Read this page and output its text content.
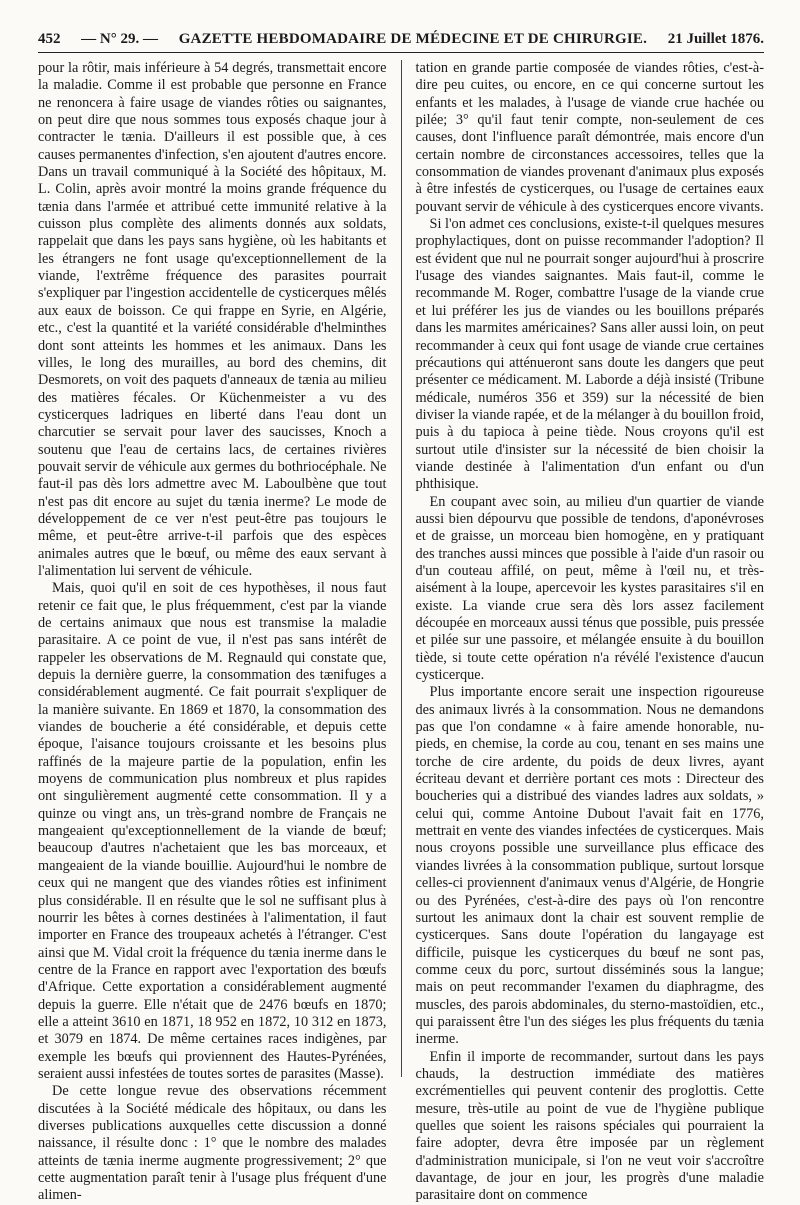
452 — N° 29. — GAZETTE HEBDOMADAIRE DE MÉDECINE ET DE CHIRURGIE. 21 Juillet 1876.

pour la rôtir, mais inférieure à 54 degrés, transmettait encore la maladie. Comme il est probable que personne en France ne renoncera à faire usage de viandes rôties ou saignantes, on peut dire que nous sommes tous exposés chaque jour à contracter le tænia. D'ailleurs il est possible que, à ces causes permanentes d'infection, s'en ajoutent d'autres encore. Dans un travail communiqué à la Société des hôpitaux, M. L. Colin, après avoir montré la moins grande fréquence du tænia dans l'armée et attribué cette immunité relative à la cuisson plus complète des aliments donnés aux soldats, rappelait que dans les pays sans hygiène, où les habitants et les étrangers ne font usage qu'exceptionnellement de la viande, l'extrême fréquence des parasites pourrait s'expliquer par l'ingestion accidentelle de cysticerques mêlés aux eaux de boisson. Ce qui frappe en Syrie, en Algérie, etc., c'est la quantité et la variété considérable d'helminthes dont sont atteints les hommes et les animaux. Dans les villes, le long des murailles, au bord des chemins, dit Desmorets, on voit des paquets d'anneaux de tænia au milieu des matières fécales. Or Küchenmeister a vu des cysticerques ladriques en liberté dans l'eau dont un charcutier se servait pour laver des saucisses, Knoch a soutenu que l'eau de certains lacs, de certaines rivières pouvait servir de véhicule aux germes du bothriocéphale. Ne faut-il pas dès lors admettre avec M. Laboulbène que tout n'est pas dit encore au sujet du tænia inerme? Le mode de développement de ce ver n'est peut-être pas toujours le même, et peut-être arrive-t-il parfois que des espèces animales autres que le bœuf, ou même des eaux servant à l'alimentation lui servent de véhicule.

Mais, quoi qu'il en soit de ces hypothèses, il nous faut retenir ce fait que, le plus fréquemment, c'est par la viande de certains animaux que nous est transmise la maladie parasitaire. A ce point de vue, il n'est pas sans intérêt de rappeler les observations de M. Regnauld qui constate que, depuis la dernière guerre, la consommation des tænifuges a considérablement augmenté. Ce fait pourrait s'expliquer de la manière suivante. En 1869 et 1870, la consommation des viandes de boucherie a été considérable, et depuis cette époque, l'aisance toujours croissante et les besoins plus raffinés de la majeure partie de la population, enfin les moyens de communication plus nombreux et plus rapides ont singulièrement augmenté cette consommation. Il y a quinze ou vingt ans, un très-grand nombre de Français ne mangeaient qu'exceptionnellement de la viande de bœuf; beaucoup d'autres n'achetaient que les bas morceaux, et mangeaient de la viande bouillie. Aujourd'hui le nombre de ceux qui ne mangent que des viandes rôties est infiniment plus considérable. Il en résulte que le sol ne suffisant plus à nourrir les bêtes à cornes destinées à l'alimentation, il faut importer en France des troupeaux achetés à l'étranger. C'est ainsi que M. Vidal croit la fréquence du tænia inerme dans le centre de la France en rapport avec l'exportation des bœufs d'Afrique. Cette exportation a considérablement augmenté depuis la guerre. Elle n'était que de 2476 bœufs en 1870; elle a atteint 3610 en 1871, 18 952 en 1872, 10 312 en 1873, et 3079 en 1874. De même certaines races indigènes, par exemple les bœufs qui proviennent des Hautes-Pyrénées, seraient aussi infestées de toutes sortes de parasites (Masse).

De cette longue revue des observations récemment discutées à la Société médicale des hôpitaux, ou dans les diverses publications auxquelles cette discussion a donné naissance, il résulte donc : 1° que le nombre des malades atteints de tænia inerme augmente progressivement; 2° que cette augmentation paraît tenir à l'usage plus fréquent d'une alimen-

tation en grande partie composée de viandes rôties, c'est-à-dire peu cuites, ou encore, en ce qui concerne surtout les enfants et les malades, à l'usage de viande crue hachée ou pilée; 3° qu'il faut tenir compte, non-seulement de ces causes, dont l'influence paraît démontrée, mais encore d'un certain nombre de circonstances accessoires, telles que la consommation de viandes provenant d'animaux plus exposés à être infestés de cysticerques, ou l'usage de certaines eaux pouvant servir de véhicule à des cysticerques encore vivants.

Si l'on admet ces conclusions, existe-t-il quelques mesures prophylactiques, dont on puisse recommander l'adoption? Il est évident que nul ne pourrait songer aujourd'hui à proscrire l'usage des viandes saignantes. Mais faut-il, comme le recommande M. Roger, combattre l'usage de la viande crue et lui préférer les jus de viandes ou les bouillons préparés dans les marmites américaines? Sans aller aussi loin, on peut recommander à ceux qui font usage de viande crue certaines précautions qui atténueront sans doute les dangers que peut présenter ce médicament. M. Laborde a déjà insisté (Tribune médicale, numéros 356 et 359) sur la nécessité de bien diviser la viande rapée, et de la mélanger à du bouillon froid, puis à du tapioca à peine tiède. Nous croyons qu'il est surtout utile d'insister sur la nécessité de bien choisir la viande destinée à l'alimentation d'un enfant ou d'un phthisique.

En coupant avec soin, au milieu d'un quartier de viande aussi bien dépourvu que possible de tendons, d'aponévroses et de graisse, un morceau bien homogène, en y pratiquant des tranches aussi minces que possible à l'aide d'un rasoir ou d'un couteau affilé, on peut, même à l'œil nu, et très-aisément à la loupe, apercevoir les kystes parasitaires s'il en existe. La viande crue sera dès lors assez facilement découpée en morceaux aussi ténus que possible, puis pressée et pilée sur une passoire, et mélangée ensuite à du bouillon tiède, si toute cette opération n'a révélé l'existence d'aucun cysticerque.

Plus importante encore serait une inspection rigoureuse des animaux livrés à la consommation. Nous ne demandons pas que l'on condamne « à faire amende honorable, nu-pieds, en chemise, la corde au cou, tenant en ses mains une torche de cire ardente, du poids de deux livres, ayant écriteau devant et derrière portant ces mots : Directeur des boucheries qui a distribué des viandes ladres aux soldats, » celui qui, comme Antoine Dubout l'avait fait en 1776, mettrait en vente des viandes infectées de cysticerques. Mais nous croyons possible une surveillance plus efficace des viandes livrées à la consommation publique, surtout lorsque celles-ci proviennent d'animaux venus d'Algérie, de Hongrie ou des Pyrénées, c'est-à-dire des pays où l'on rencontre surtout les animaux dont la chair est souvent remplie de cysticerques. Sans doute l'opération du langayage est difficile, puisque les cysticerques du bœuf ne sont pas, comme ceux du porc, surtout disséminés sous la langue; mais on peut recommander l'examen du diaphragme, des muscles, des parois abdominales, du sterno-mastoïdien, etc., qui paraissent être l'un des siéges les plus fréquents du tænia inerme.

Enfin il importe de recommander, surtout dans les pays chauds, la destruction immédiate des matières excrémentielles qui peuvent contenir des proglottis. Cette mesure, très-utile au point de vue de l'hygiène publique quelles que soient les raisons spéciales qui pourraient la faire adopter, devra être imposée par un règlement d'administration municipale, si l'on ne veut voir s'accroître davantage, de jour en jour, les progrès d'une maladie parasitaire dont on commence
